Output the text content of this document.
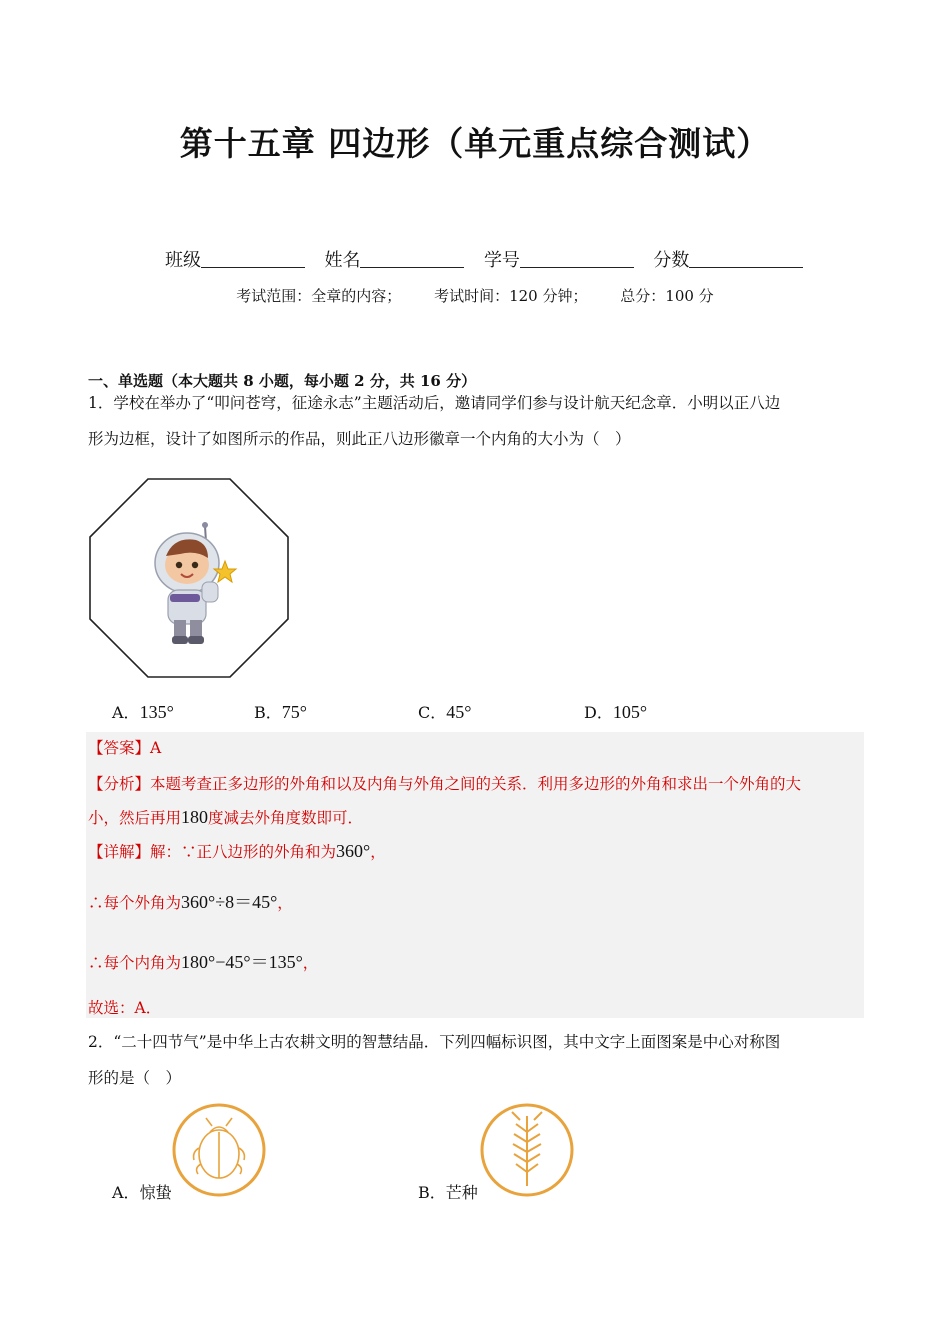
第十五章 四边形（单元重点综合测试）
班级	姓名	学号	分数
考试范围：全章的内容； 考试时间：120 分钟； 总分：100 分
一、单选题（本大题共 8 小题，每小题 2 分，共 16 分）
1．学校在举办了“叩问苍穹，征途永志”主题活动后，邀请同学们参与设计航天纪念章．小明以正八边
形为边框，设计了如图所示的作品，则此正八边形徽章一个内角的大小为（　）
A．135°	B．75°	C．45°	D．105°
【答案】A
【分析】本题考查正多边形的外角和以及内角与外角之间的关系．利用多边形的外角和求出一个外角的大
小，然后再用180度减去外角度数即可．
【详解】解：∵正八边形的外角和为360°，
∴每个外角为360°÷8＝45°，
∴每个内角为180°−45°＝135°，
故选：A．
2．“二十四节气”是中华上古农耕文明的智慧结晶．下列四幅标识图，其中文字上面图案是中心对称图
形的是（　）
A．惊蛰	B．芒种
